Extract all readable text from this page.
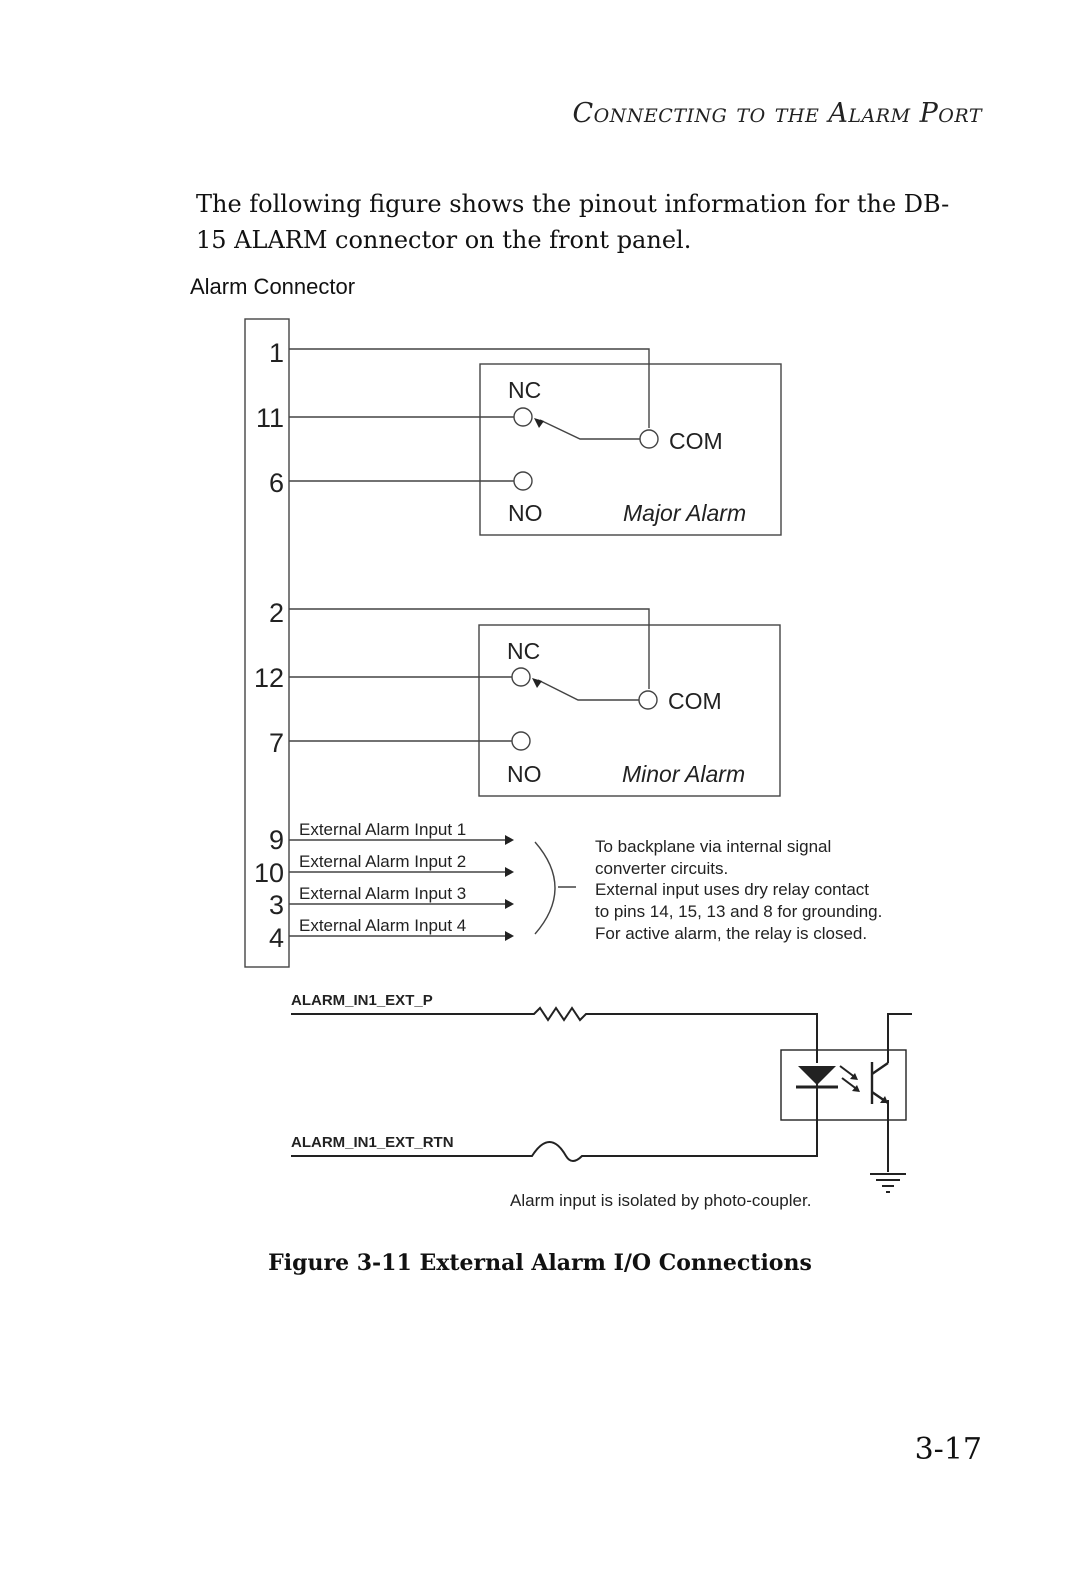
Connecting to the Alarm Port
The following figure shows the pinout information for the DB-15 ALARM connector on the front panel.
Alarm Connector
1
11
6
2
12
7
9
10
3
4
NC
NO
COM
Major Alarm
NC
NO
COM
Minor Alarm
External Alarm Input 1
External Alarm Input 2
External Alarm Input 3
External Alarm Input 4
To backplane via internal signal
converter circuits.
External input uses dry relay contact
to pins 14, 15, 13 and 8 for grounding.
For active alarm, the relay is closed.
ALARM_IN1_EXT_P
ALARM_IN1_EXT_RTN
Alarm input is isolated by photo-coupler.
Figure 3-11 External Alarm I/O Connections
3-17
